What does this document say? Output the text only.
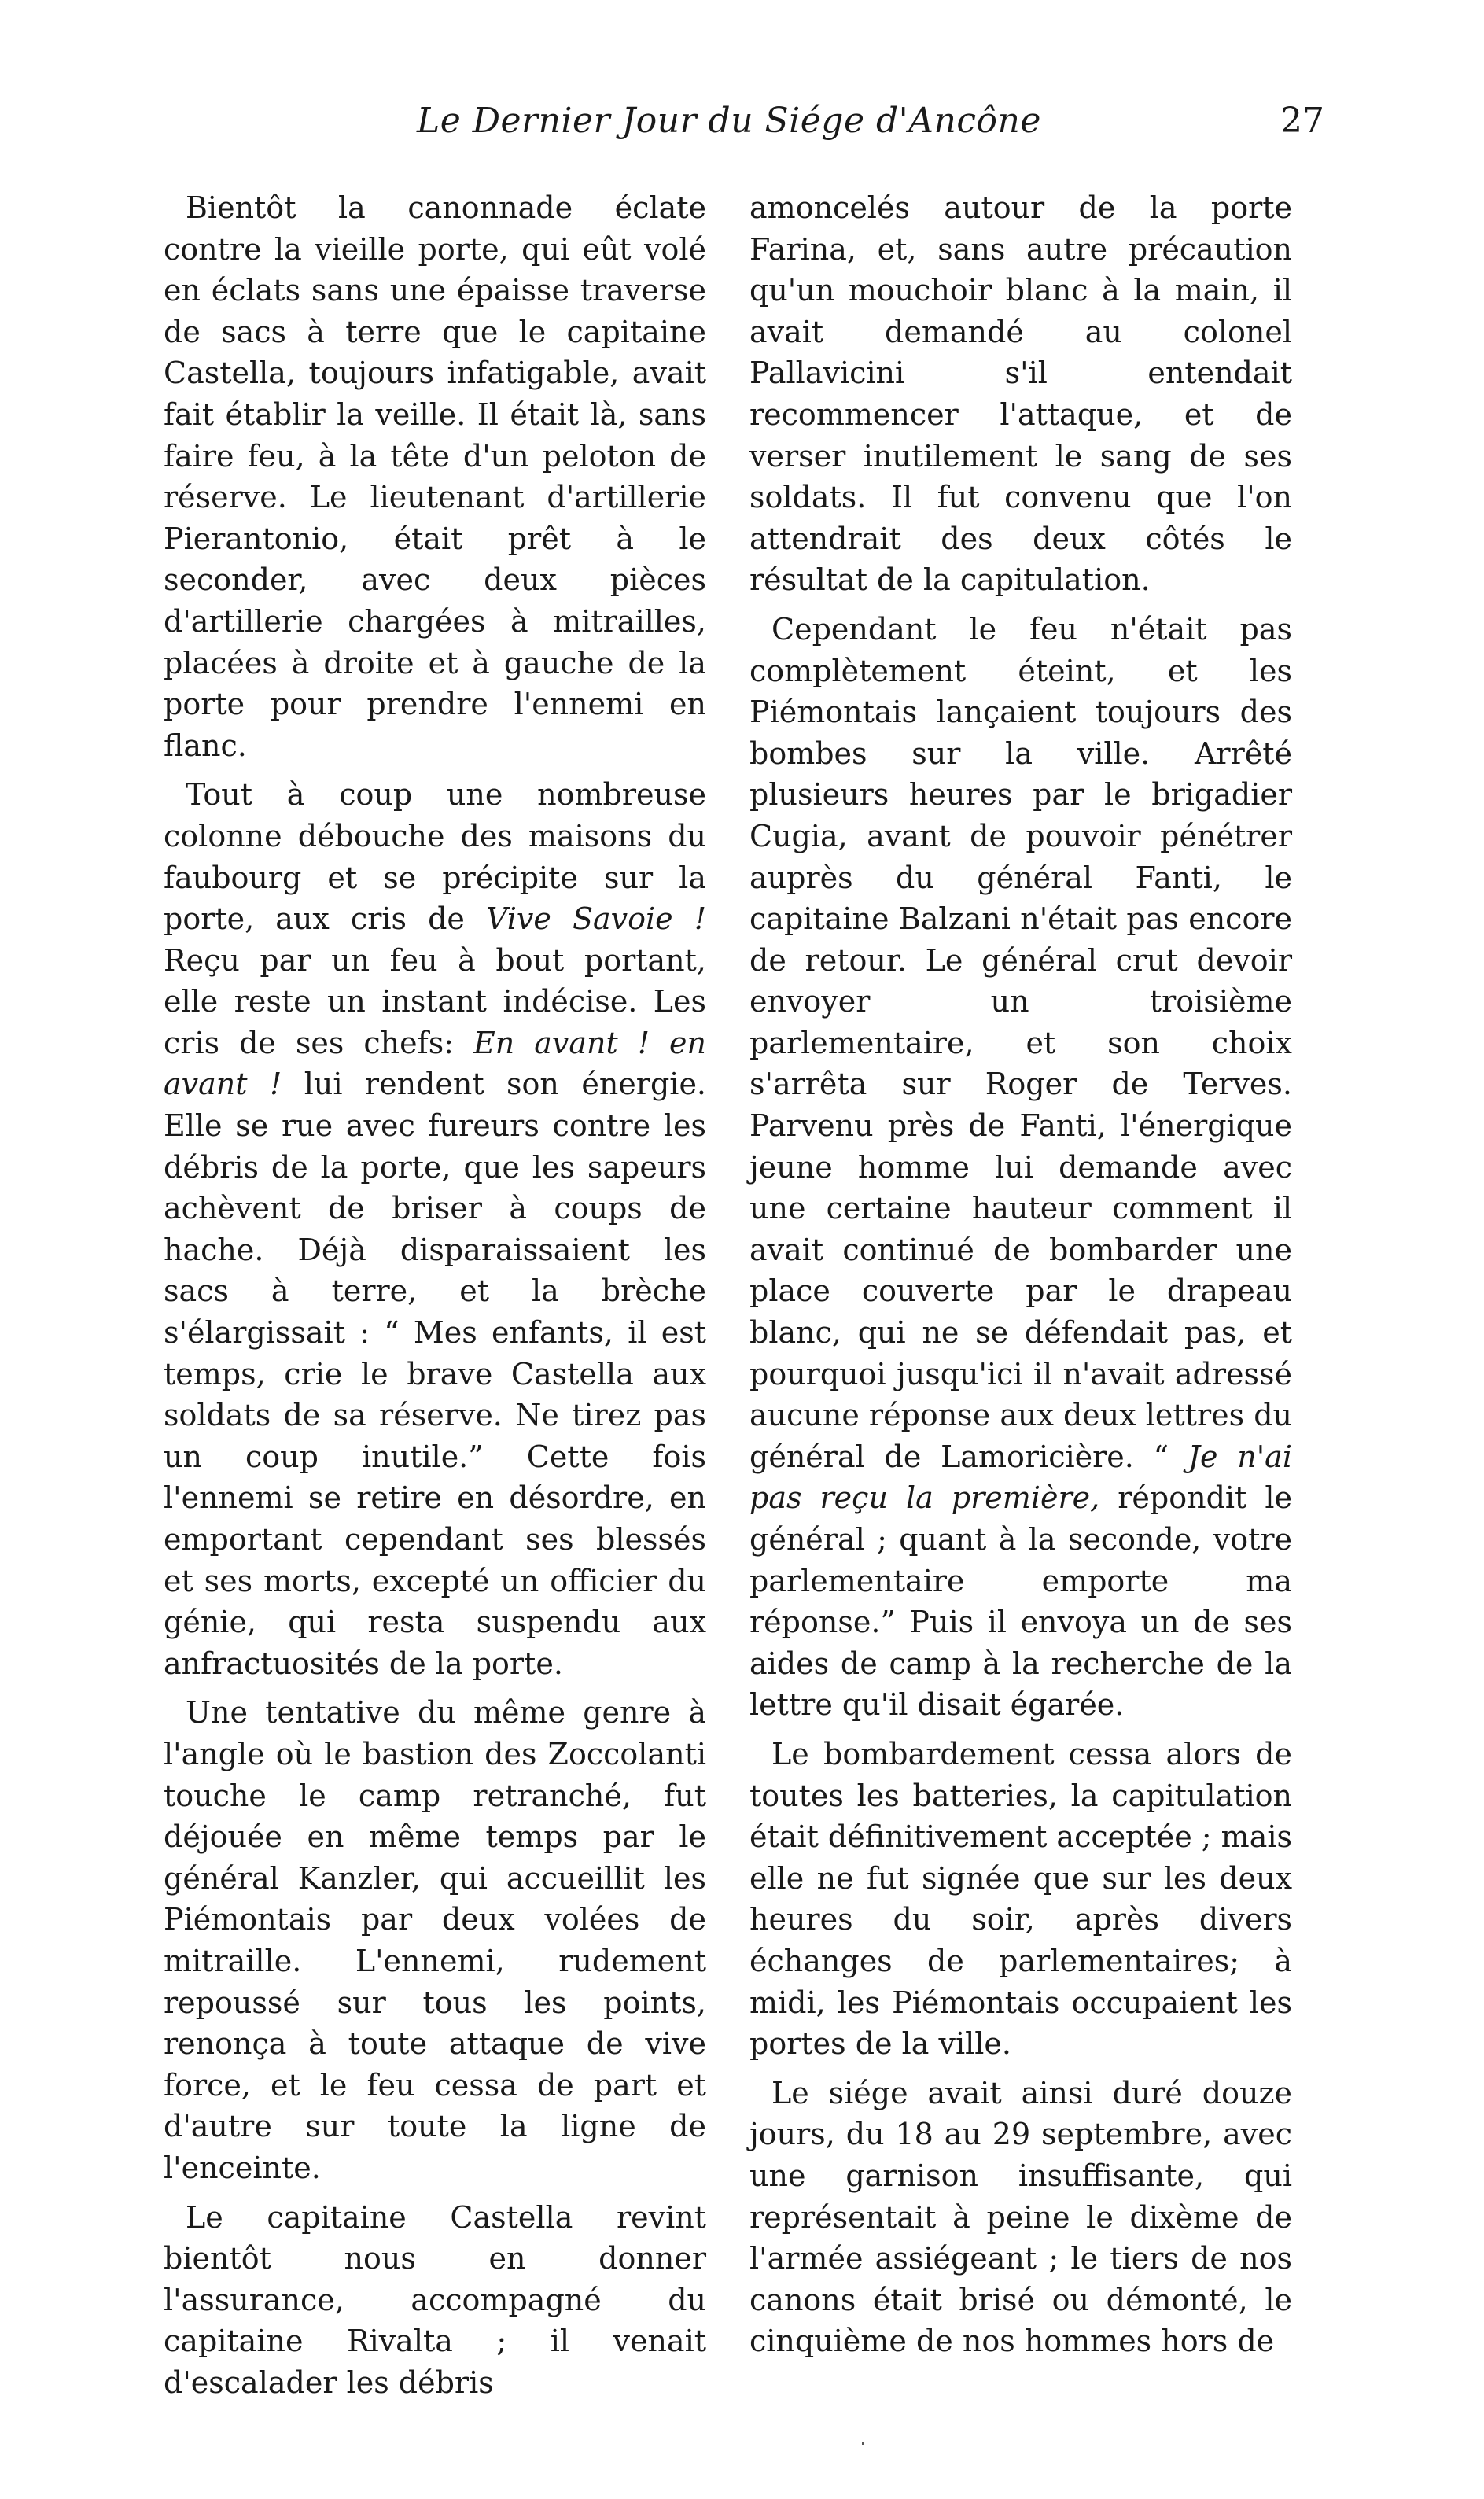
Le Dernier Jour du Siége d'Ancône	27

Bientôt la canonnade éclate contre la vieille porte, qui eût volé en éclats sans une épaisse traverse de sacs à terre que le capitaine Castella, toujours infatigable, avait fait établir la veille. Il était là, sans faire feu, à la tête d'un peloton de réserve. Le lieutenant d'artillerie Pierantonio, était prêt à le seconder, avec deux pièces d'artillerie chargées à mitrailles, placées à droite et à gauche de la porte pour prendre l'ennemi en flanc.

Tout à coup une nombreuse colonne débouche des maisons du faubourg et se précipite sur la porte, aux cris de Vive Savoie ! Reçu par un feu à bout portant, elle reste un instant indécise. Les cris de ses chefs: En avant ! en avant ! lui rendent son énergie. Elle se rue avec fureurs contre les débris de la porte, que les sapeurs achèvent de briser à coups de hache. Déjà disparaissaient les sacs à terre, et la brèche s'élargissait : “ Mes enfants, il est temps, crie le brave Castella aux soldats de sa réserve. Ne tirez pas un coup inutile.” Cette fois l'ennemi se retire en désordre, en emportant cependant ses blessés et ses morts, excepté un officier du génie, qui resta suspendu aux anfractuosités de la porte.

Une tentative du même genre à l'angle où le bastion des Zoccolanti touche le camp retranché, fut déjouée en même temps par le général Kanzler, qui accueillit les Piémontais par deux volées de mitraille. L'ennemi, rudement repoussé sur tous les points, renonça à toute attaque de vive force, et le feu cessa de part et d'autre sur toute la ligne de l'enceinte.

Le capitaine Castella revint bientôt nous en donner l'assurance, accompagné du capitaine Rivalta ; il venait d'escalader les débris

amoncelés autour de la porte Farina, et, sans autre précaution qu'un mouchoir blanc à la main, il avait demandé au colonel Pallavicini s'il entendait recommencer l'attaque, et de verser inutilement le sang de ses soldats. Il fut convenu que l'on attendrait des deux côtés le résultat de la capitulation.

Cependant le feu n'était pas complètement éteint, et les Piémontais lançaient toujours des bombes sur la ville. Arrêté plusieurs heures par le brigadier Cugia, avant de pouvoir pénétrer auprès du général Fanti, le capitaine Balzani n'était pas encore de retour. Le général crut devoir envoyer un troisième parlementaire, et son choix s'arrêta sur Roger de Terves. Parvenu près de Fanti, l'énergique jeune homme lui demande avec une certaine hauteur comment il avait continué de bombarder une place couverte par le drapeau blanc, qui ne se défendait pas, et pourquoi jusqu'ici il n'avait adressé aucune réponse aux deux lettres du général de Lamoricière. “ Je n'ai pas reçu la première, répondit le général ; quant à la seconde, votre parlementaire emporte ma réponse.” Puis il envoya un de ses aides de camp à la recherche de la lettre qu'il disait égarée.

Le bombardement cessa alors de toutes les batteries, la capitulation était définitivement acceptée ; mais elle ne fut signée que sur les deux heures du soir, après divers échanges de parlementaires; à midi, les Piémontais occupaient les portes de la ville.

Le siége avait ainsi duré douze jours, du 18 au 29 septembre, avec une garnison insuffisante, qui représentait à peine le dixème de l'armée assiégeant ; le tiers de nos canons était brisé ou démonté, le cinquième de nos hommes hors de
